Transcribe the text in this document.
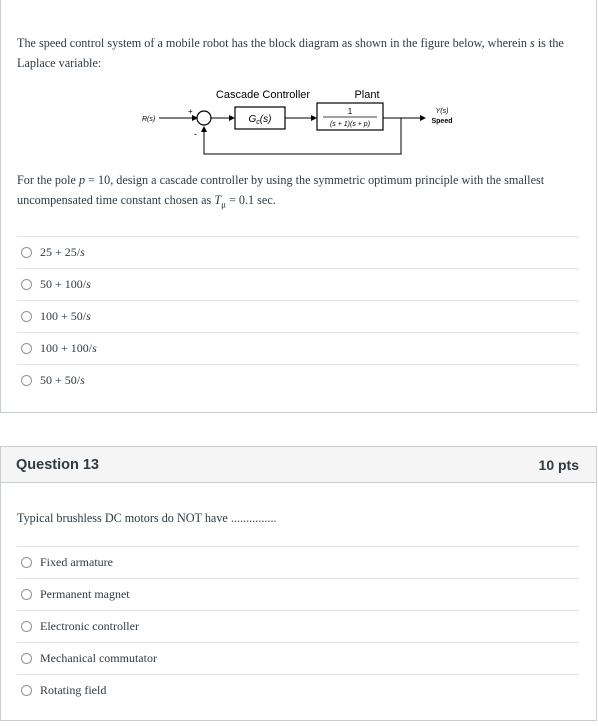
The speed control system of a mobile robot has the block diagram as shown in the figure below, wherein s is the Laplace variable:
Cascade Controller	Plant
R(s)
+
-
$G_c(s)$
1
(s + 1)(s + p)
Y(s)
Speed
For the pole p = 10, design a cascade controller by using the symmetric optimum principle with the smallest uncompensated time constant chosen as $T_\mu = 0.1$ sec.
25 + 25/s
50 + 100/s
100 + 50/s
100 + 100/s
50 + 50/s
Question 13	10 pts
Typical brushless DC motors do NOT have ...............
Fixed armature
Permanent magnet
Electronic controller
Mechanical commutator
Rotating field
